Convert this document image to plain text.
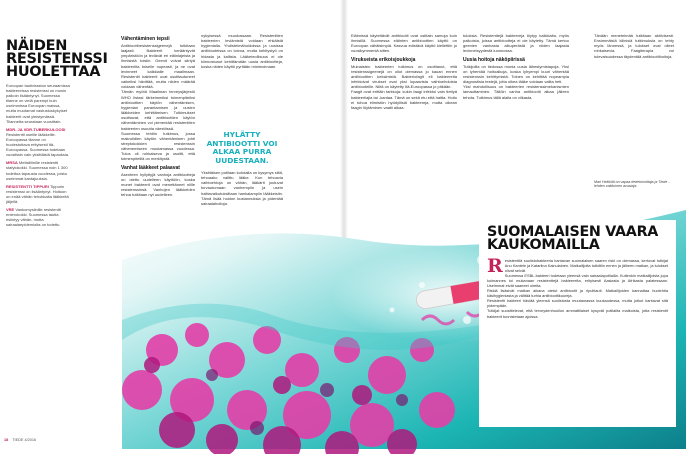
NÄIDEN RESISTENSSI HUOLETTAA
Euroopan tautiviraston seuraamissa bakteereissa resistenssi on monin paikoin lisääntynyt. Suomessa tilanne on vielä parempi kuin useimmissa Euroopan maissa, mutta muutamat vastustuskykyiset bakteerit ovat yleistymässä. Tilannetta seurataan vuosittain.
MDR- JA XDR-TUBERKULOOSI Resistentti useille lääkkeille. Euroopassa tilanne on huolestuttava erityisesti Itä-Euroopassa. Suomessa todetaan vuosittain vain yksittäisiä tapauksia.
MRSA Metisilliinille resistentti stafylokokki. Suomessa noin 1 300 todettua tapausta vuodessa, joista useimmat kantajuuksia.
RESISTENTTI TIPPURI Tippurin resistenssi on lisääntynyt. Hoitoon on enää vähän tehokkaita lääkkeitä jäljellä.
VRE Vankomysiinille resistentti enterokokki. Suomessa tautia esiintyy vähän, mutta sairaalaepidemioita on todettu.
Vähentäminen tepsii

Antibioottiresistenssigeenejä tutkitaan laajasti. Bakteerit kerääntyvät ympäristöön ja leviävät eri eläinlajeista ja ihmisistä toisiin. Geenit voivat siirtyä bakteerilta toiselle nopeasti, ja ne ovat levinneet kaikkialle maailmaan. Resistentit bakteerit ovat osoittautuneet vaikeiksi hävittää, mutta niiden määrää voidaan vähentää.

Tämän myötä Maailman terveysjärjestö WHO listasi tärkeimmiksi toimenpiteiksi antibioottien käytön vähentämisen, hygienian parantamisen ja uusien lääkkeiden kehittämisen. Tutkimukset osoittavat, että antibioottien käytön vähentäminen voi pienentää resistenttien bakteerien osuutta väestössä.

Suomessa tehtiin tutkimus, jossa makrolidien käytön vähentäminen johti streptokokkien resistenssin vähenemiseen muutamassa vuodessa. Tulos oli rohkaiseva ja osoitti, että toimenpiteillä on merkitystä.

Vanhat lääkkeet palaavat

Asenteen hyllyttyjä vanhoja antibiootteja on otettu uudelleen käyttöön, koska monet bakteerit ovat menettäneet niille resistenssinsä. Vanhojen lääkkeiden tehoa tutkitaan nyt uudelleen.

nykyisessä muodossaan. Resistenttien bakteerien leviämistä voidaan ehkäistä hygienialla. Yhdistelmähoidoissa ja uusissa antibiooteissa on toivoa, mutta kehitystyö on hidasta ja kallista. Lääketeollisuus ei ole kiinnostunut kehittämään uusia antibiootteja, koska niiden käyttö pyritään minimoimaan.

HYLÄTTY ANTIBIOOTTI VOI ALKAA PURRA UUDESTAAN.

Yksittäisen potilaan kohdalla on kysymys siitä, tehoaako valittu lääke. Kun tehoavia vaihtoehtoja on vähän, lääkärit joutuvat turvautumaan vanhempiin ja usein haittavaikutuksiltaan hankalampiin lääkkeisiin. Tämä lisää hoidon kustannuksia ja pidentää sairaalahoitoja.

Eläimissä käytettävät antibiootit ovat osittain samoja kuin ihmisillä. Suomessa eläinten antibioottien käyttö on Euroopan vähäisimpiä. Kasvua edistävä käyttö kiellettiin jo vuosikymmeniä sitten.

Virukseista erikoisjoukkoja

Muinaisten bakteerien tutkimus on osoittanut, että resistenssigeenejä on ollut olemassa jo kauan ennen antibioottien keksimistä. Bakteriofagit eli bakteereita infektoivat virukset ovat yksi lupaavista vaihtoehdoista antibiooteille. Niitä on käytetty Itä-Euroopassa jo pitkään.

Faagit ovat erittäin tarkkoja: kukin faagi infektoi vain tiettyä bakteerilajia tai -kantaa. Tämä on sekä etu että haitta. Hoito ei tuhoa elimistön hyödyllisiä bakteereja, mutta oikean faagin löytäminen vaatii aikaa.

tuloksia. Resistenttejä bakteereja löytyy kaikkialta, myös paikoista, joissa antibiootteja ei ole käytetty. Tämä kertoo geenien vanhasta alkuperästä ja niiden laajasta levinneisyydestä luonnossa.

Uusia hoitoja näköpiirissä

Tutkijoilla on tiedossa monia uusia lähestymistapoja. Yksi on lyhentää hoitoaikoja, koska lyhyempi kuuri vähentää resistenssin kehittymistä. Toinen on kehittää nopeampia diagnostisia testejä, jotta oikea lääke voidaan valita heti.

Yksi mahdollisuus on bakteerien resistenssimekanismien lamauttaminen. Tällöin vanha antibiootti alkaa jälleen tehota. Tutkimus tällä alalla on vilkasta.

Tänään menetelmää tutkitaan aktiivisesti. Ensimmäisiä kliinisiä tutkimuksia on tehty myös lännessä, ja tulokset ovat olleet rohkaisevia. Faagiterapia voi tulevaisuudessa täydentää antibioottihoitoja.

Mari Heikkilä on vapaa tiedetoimittaja ja Tiede -lehden vakituinen avustaja.
SUOMALAISEN VAARA KAUKOMAILLA

Resistenttiä suolistobakteeria kantavan suomalaisen saaren riski on olemassa, kertovat tutkijat Anu Kantele ja Katariina Kainulainen. Matkailijoita tutkittiin ennen ja jälkeen matkan, ja tulokset olivat selvät.

Suomessa ESBL-bakteeri todetaan yleensä vain sairaalapotilailla. Kuitenkin matkailijoista jopa kolmannes toi mukanaan resistenttejä bakteereita, erityisesti Aasiasta ja Afrikasta palatessaan. Useimmat eivät saaneet oireita.

Riskiä lisäsivät matkan aikana otetut antibiootit ja ripulitauti. Matkailijoiden kannattaa huolehtia käsihygieniasta ja välttää turhia antibioottikuureja.

Resistentti bakteeri häviää yleensä suolistosta muutamassa kuukaudessa, mutta jotkut kantavat sitä pidempään.

Tutkijat suosittelevat, että terveydenhuollon ammattilaiset kysyvät potilailta matkoista, jotta resistentit bakteerit tunnistetaan ajoissa.

18 TIEDE 4/2016
